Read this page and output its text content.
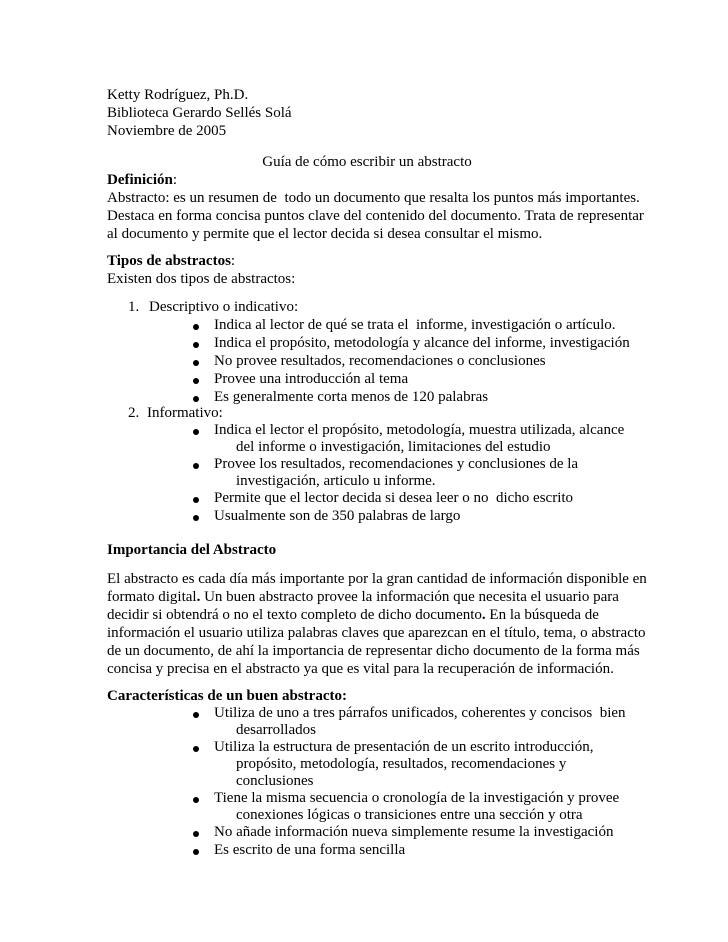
Ketty Rodríguez, Ph.D.
Biblioteca Gerardo Sellés Solá
Noviembre de 2005
Guía de cómo escribir un abstracto
Definición:
Abstracto: es un resumen de  todo un documento que resalta los puntos más importantes.
Destaca en forma concisa puntos clave del contenido del documento. Trata de representar
al documento y permite que el lector decida si desea consultar el mismo.
Tipos de abstractos:
Existen dos tipos de abstractos:
1. Descriptivo o indicativo:
Indica al lector de qué se trata el  informe, investigación o artículo.
Indica el propósito, metodología y alcance del informe, investigación
No provee resultados, recomendaciones o conclusiones
Provee una introducción al tema
Es generalmente corta menos de 120 palabras
2. Informativo:
Indica el lector el propósito, metodología, muestra utilizada, alcance
del informe o investigación, limitaciones del estudio
Provee los resultados, recomendaciones y conclusiones de la
investigación, articulo u informe.
Permite que el lector decida si desea leer o no  dicho escrito
Usualmente son de 350 palabras de largo
Importancia del Abstracto
El abstracto es cada día más importante por la gran cantidad de información disponible en
formato digital. Un buen abstracto provee la información que necesita el usuario para
decidir si obtendrá o no el texto completo de dicho documento. En la búsqueda de
información el usuario utiliza palabras claves que aparezcan en el título, tema, o abstracto
de un documento, de ahí la importancia de representar dicho documento de la forma más
concisa y precisa en el abstracto ya que es vital para la recuperación de información.
Características de un buen abstracto:
Utiliza de uno a tres párrafos unificados, coherentes y concisos  bien
desarrollados
Utiliza la estructura de presentación de un escrito introducción,
propósito, metodología, resultados, recomendaciones y
conclusiones
Tiene la misma secuencia o cronología de la investigación y provee
conexiones lógicas o transiciones entre una sección y otra
No añade información nueva simplemente resume la investigación
Es escrito de una forma sencilla
